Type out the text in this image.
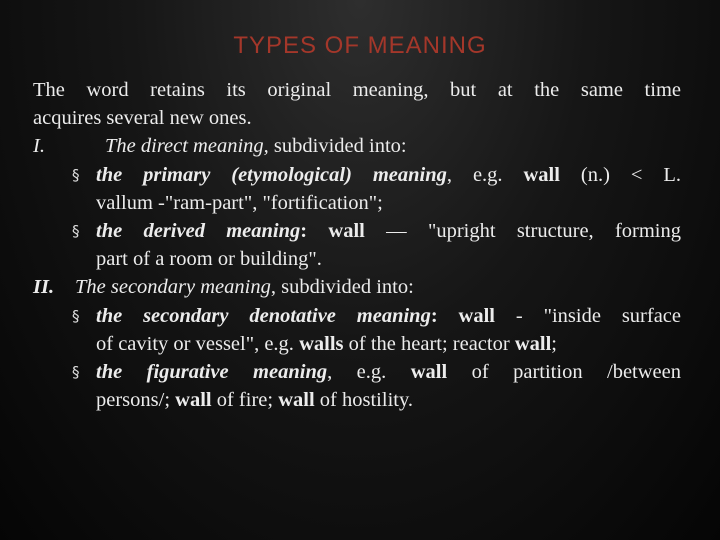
TYPES OF MEANING

The word retains its original meaning, but at the same time

acquires several new ones.

I.	The direct meaning, subdivided into:
§ the primary (etymological) meaning, e.g. wall (n.) < L.
vallum -"ram-part", "fortification";
§ the derived meaning: wall — "upright structure, forming
part of a room or building".
II.	The secondary meaning, subdivided into:
§ the secondary denotative meaning: wall - "inside surface
of cavity or vessel", e.g. walls of the heart; reactor wall;
§ the figurative meaning, e.g. wall of partition /between
persons/; wall of fire; wall of hostility.
